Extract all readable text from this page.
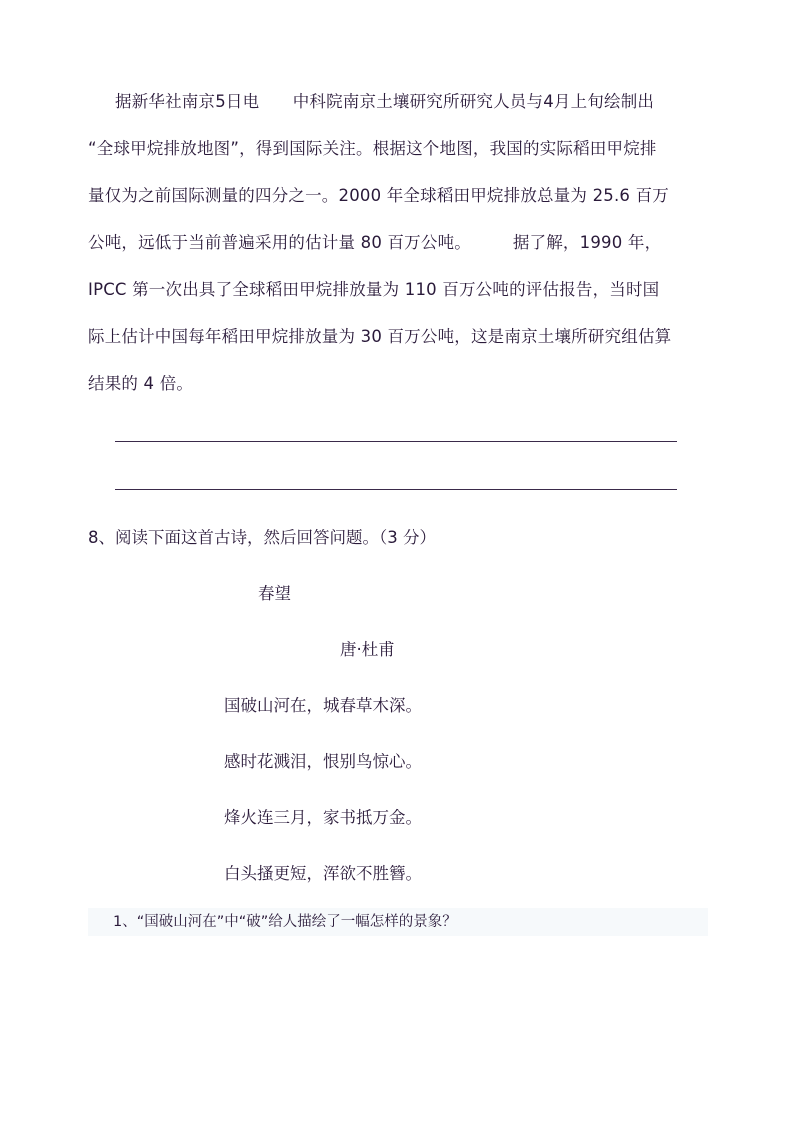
据新华社南京5日电　　中科院南京土壤研究所研究人员与4月上旬绘制出
“全球甲烷排放地图”，得到国际关注。根据这个地图，我国的实际稻田甲烷排
量仅为之前国际测量的四分之一。2000 年全球稻田甲烷排放总量为 25.6 百万
公吨，远低于当前普遍采用的估计量 80 百万公吨。　　　据了解，1990 年，
IPCC 第一次出具了全球稻田甲烷排放量为 110 百万公吨的评估报告，当时国
际上估计中国每年稻田甲烷排放量为 30 百万公吨，这是南京土壤所研究组估算
结果的 4 倍。
8、阅读下面这首古诗，然后回答问题。（3 分）
春望
唐·杜甫
国破山河在，城春草木深。
感时花溅泪，恨别鸟惊心。
烽火连三月，家书抵万金。
白头搔更短，浑欲不胜簪。
1、“国破山河在”中“破”给人描绘了一幅怎样的景象？
